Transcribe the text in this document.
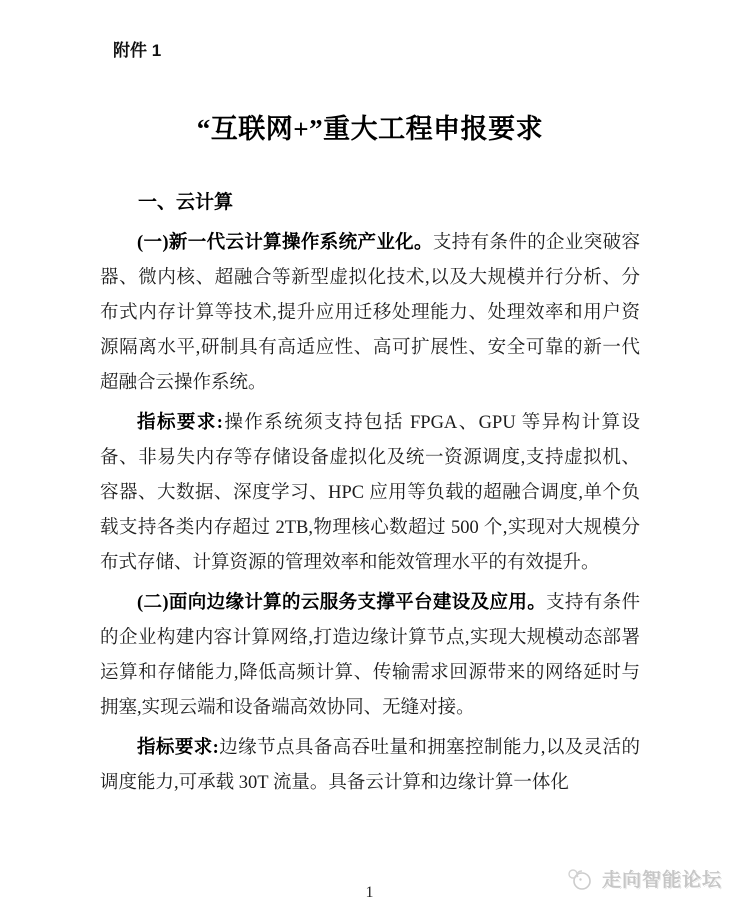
附件 1
“互联网+”重大工程申报要求
一、云计算

(一)新一代云计算操作系统产业化。支持有条件的企业突破容器、微内核、超融合等新型虚拟化技术,以及大规模并行分析、分布式内存计算等技术,提升应用迁移处理能力、处理效率和用户资源隔离水平,研制具有高适应性、高可扩展性、安全可靠的新一代超融合云操作系统。

指标要求:操作系统须支持包括 FPGA、GPU 等异构计算设备、非易失内存等存储设备虚拟化及统一资源调度,支持虚拟机、容器、大数据、深度学习、HPC 应用等负载的超融合调度,单个负载支持各类内存超过 2TB,物理核心数超过 500 个,实现对大规模分布式存储、计算资源的管理效率和能效管理水平的有效提升。

(二)面向边缘计算的云服务支撑平台建设及应用。支持有条件的企业构建内容计算网络,打造边缘计算节点,实现大规模动态部署运算和存储能力,降低高频计算、传输需求回源带来的网络延时与拥塞,实现云端和设备端高效协同、无缝对接。

指标要求:边缘节点具备高吞吐量和拥塞控制能力,以及灵活的调度能力,可承载 30T 流量。具备云计算和边缘计算一体化

1
走向智能论坛
